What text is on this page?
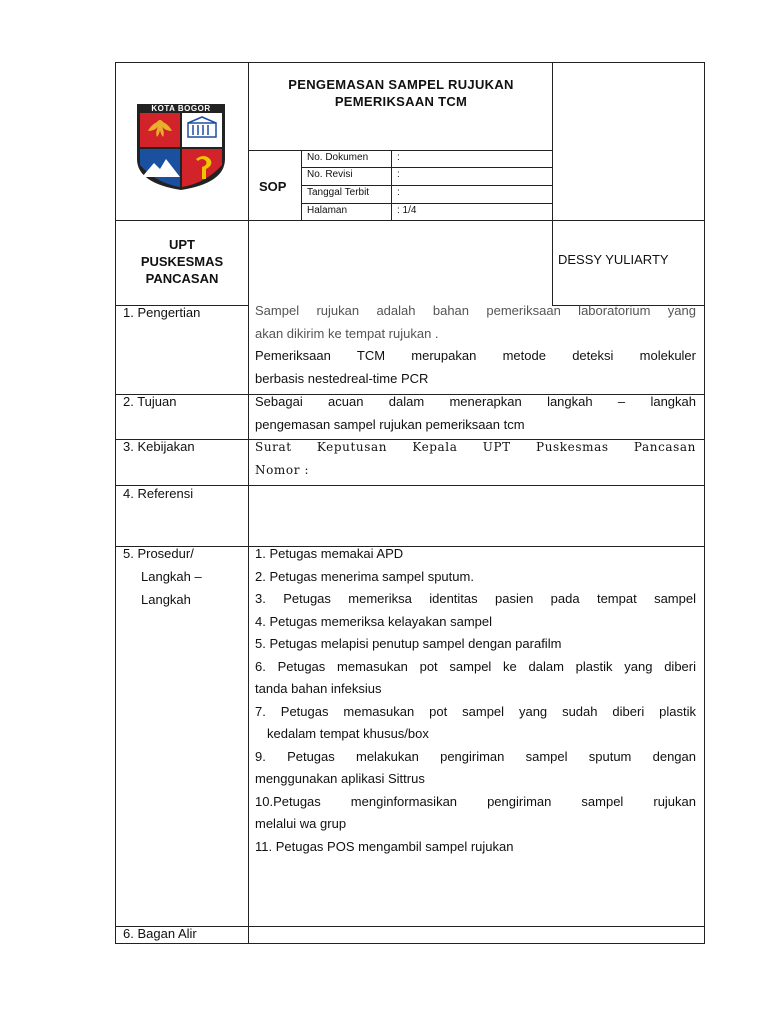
KOTA BOGOR
PENGEMASAN SAMPEL RUJUKAN
PEMERIKSAAN TCM
SOP
No. Dokumen	:
No. Revisi	:
Tanggal Terbit	:
Halaman	: 1/4
UPT
PUSKESMAS
PANCASAN
DESSY YULIARTY
1. Pengertian	Sampel rujukan adalah bahan pemeriksaan laboratorium yang
akan dikirim ke tempat rujukan .
Pemeriksaan TCM merupakan metode deteksi molekuler
berbasis nestedreal-time PCR
2. Tujuan	Sebagai acuan dalam menerapkan langkah – langkah
pengemasan sampel rujukan pemeriksaan tcm
3. Kebijakan	Surat Keputusan Kepala UPT Puskesmas Pancasan
Nomor :
4. Referensi
5. Prosedur/
Langkah –
Langkah
1. Petugas memakai APD
2. Petugas menerima sampel sputum.
3. Petugas memeriksa identitas pasien pada tempat sampel
4. Petugas memeriksa kelayakan sampel
5. Petugas melapisi penutup sampel dengan parafilm
6. Petugas memasukan pot sampel ke dalam plastik yang diberi
tanda bahan infeksius
7. Petugas memasukan pot sampel yang sudah diberi plastik
kedalam tempat khusus/box
9. Petugas melakukan pengiriman sampel sputum dengan
menggunakan aplikasi Sittrus
10.Petugas menginformasikan pengiriman sampel rujukan
melalui wa grup
11. Petugas POS mengambil sampel rujukan
6. Bagan Alir
